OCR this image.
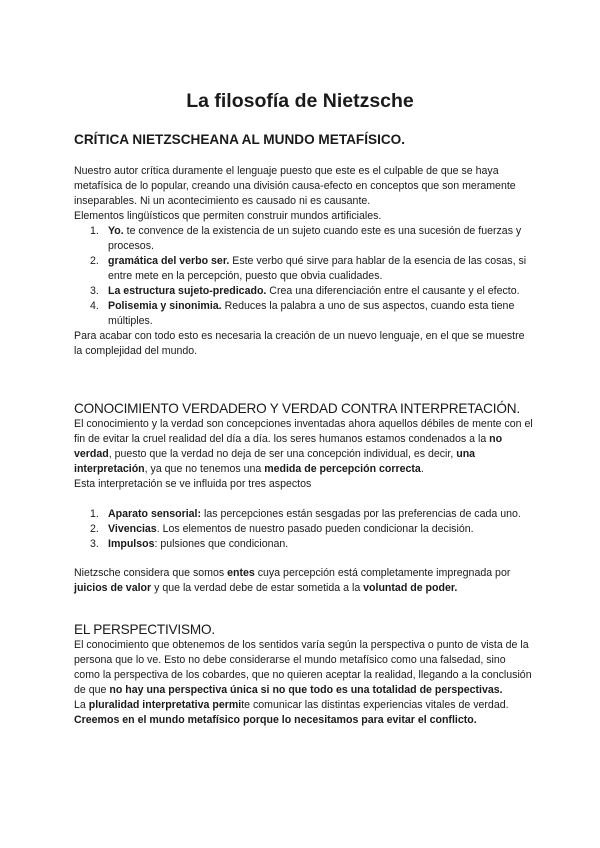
La filosofía de Nietzsche
CRÍTICA NIETZSCHEANA AL MUNDO METAFÍSICO.

Nuestro autor crítica duramente el lenguaje puesto que este es el culpable de que se haya metafísica de lo popular, creando una división causa-efecto en conceptos que son meramente inseparables. Ni un acontecimiento es causado ni es causante.

Elementos lingüísticos que permiten construir mundos artificiales.

1. Yo. te convence de la existencia de un sujeto cuando este es una sucesión de fuerzas y procesos.
2. gramática del verbo ser. Este verbo qué sirve para hablar de la esencia de las cosas, si entre mete en la percepción, puesto que obvia cualidades.
3. La estructura sujeto-predicado. Crea una diferenciación entre el causante y el efecto.
4. Polisemia y sinonimia. Reduces la palabra a uno de sus aspectos, cuando esta tiene múltiples.

Para acabar con todo esto es necesaria la creación de un nuevo lenguaje, en el que se muestre la complejidad del mundo.

CONOCIMIENTO VERDADERO Y VERDAD CONTRA INTERPRETACIÓN.

El conocimiento y la verdad son concepciones inventadas ahora aquellos débiles de mente con el fin de evitar la cruel realidad del día a día. los seres humanos estamos condenados a la no verdad, puesto que la verdad no deja de ser una concepción individual, es decir, una interpretación, ya que no tenemos una medida de percepción correcta.

Esta interpretación se ve influida por tres aspectos

1. Aparato sensorial: las percepciones están sesgadas por las preferencias de cada uno.
2. Vivencias. Los elementos de nuestro pasado pueden condicionar la decisión.
3. Impulsos: pulsiones que condicionan.

Nietzsche considera que somos entes cuya percepción está completamente impregnada por juicios de valor y que la verdad debe de estar sometida a la voluntad de poder.

EL PERSPECTIVISMO.

El conocimiento que obtenemos de los sentidos varía según la perspectiva o punto de vista de la persona que lo ve. Esto no debe considerarse el mundo metafísico como una falsedad, sino como la perspectiva de los cobardes, que no quieren aceptar la realidad, llegando a la conclusión de que no hay una perspectiva única si no que todo es una totalidad de perspectivas.

La pluralidad interpretativa permite comunicar las distintas experiencias vitales de verdad. Creemos en el mundo metafísico porque lo necesitamos para evitar el conflicto.
